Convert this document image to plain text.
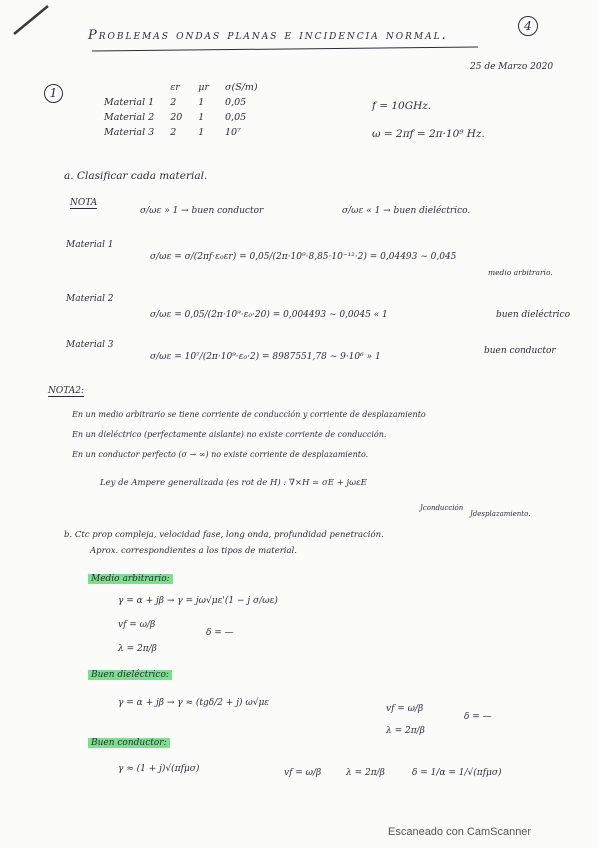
Problemas ondas planas e incidencia normal.
4
25 de Marzo 2020
1
		εr	μr	σ(S/m)
Material 1	2	1	0,05
Material 2	20	1	0,05
Material 3	2	1	10⁷
f = 10GHz.
ω = 2πf = 2π·10⁹ Hz.
a. Clasificar cada material.
NOTA
σ/ωε » 1 → buen conductor	σ/ωε « 1 → buen dieléctrico.
Material 1
σ/ωε = σ/(2πf·ε₀εr) = 0,05/(2π·10⁹·8,85·10⁻¹²·2) = 0,04493 ∼ 0,045
medio arbitrario.
Material 2
σ/ωε = 0,05/(2π·10⁹·ε₀·20) = 0,004493 ∼ 0,0045 « 1	buen dieléctrico
Material 3
σ/ωε = 10⁷/(2π·10⁹·ε₀·2) = 8987551,78 ∼ 9·10⁶ » 1
buen conductor
NOTA2:
En un medio arbitrario se tiene corriente de conducción y corriente de desplazamiento
En un dieléctrico (perfectamente aislante) no existe corriente de conducción.
En un conductor perfecto (σ → ∞) no existe corriente de desplazamiento.
Ley de Ampere generalizada (es rot de H) : ∇×H = σE + jωεE
Jconducción
Jdesplazamiento.
b. Ctc prop compleja, velocidad fase, long onda, profundidad penetración.
Aprox. correspondientes a los tipos de material.
Medio arbitrario:
γ = α + jβ → γ = jω√με'(1 − j σ/ωε)
vf = ω/β
λ = 2π/β
δ = —
Buen dieléctrico:
γ = α + jβ → γ ≈ (tgδ/2 + j) ω√με
vf = ω/β
λ = 2π/β
δ = —
Buen conductor:
γ ≈ (1 + j)√(πfμσ)	vf = ω/β	λ = 2π/β	δ = 1/α = 1/√(πfμσ)
Escaneado con CamScanner
